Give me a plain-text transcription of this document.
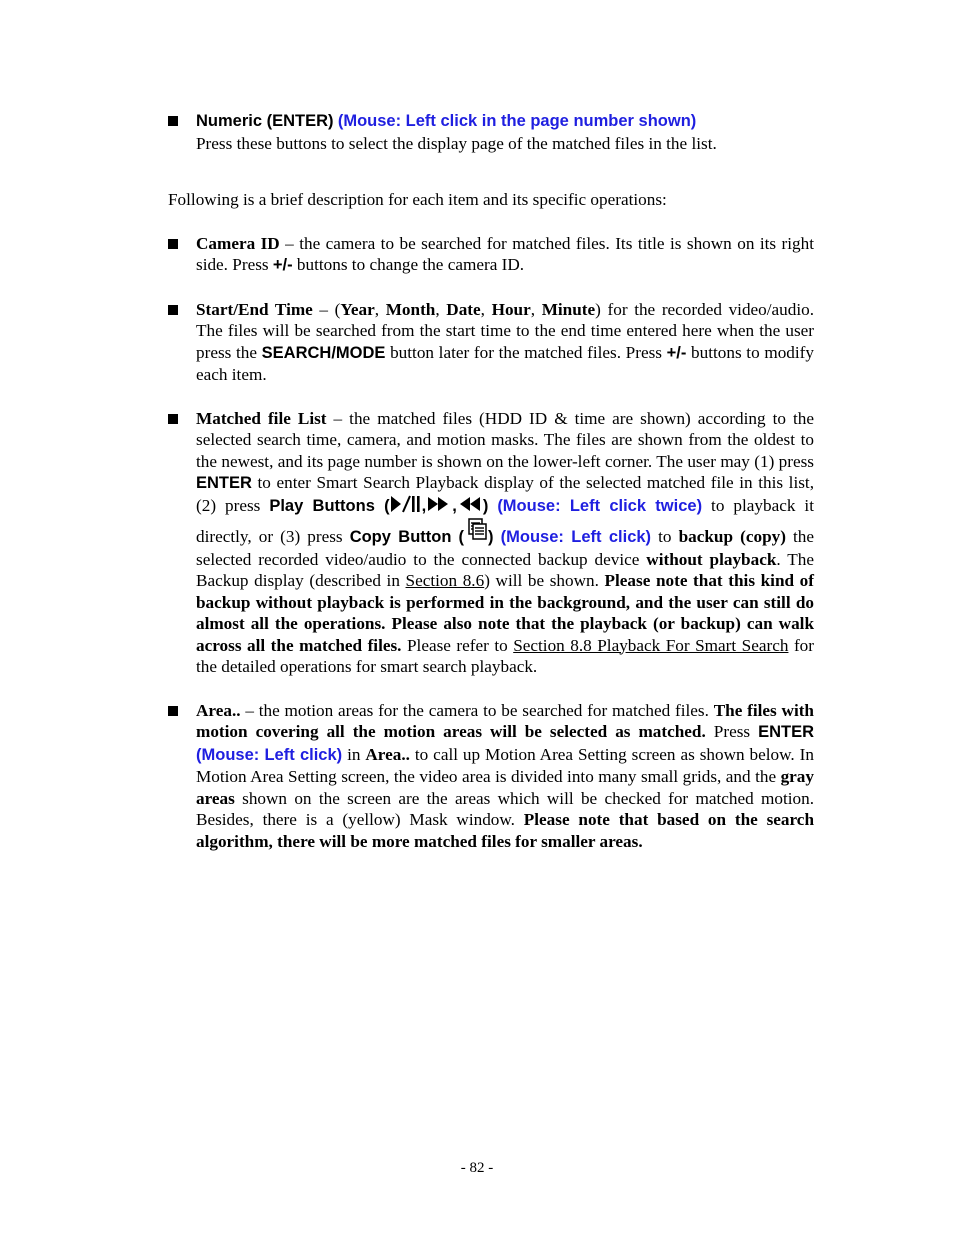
Numeric (ENTER) (Mouse: Left click in the page number shown)
Press these buttons to select the display page of the matched files in the list.

Following is a brief description for each item and its specific operations:

Camera ID – the camera to be searched for matched files. Its title is shown on its right side. Press +/- buttons to change the camera ID.
Start/End Time – (Year, Month, Date, Hour, Minute) for the recorded video/audio. The files will be searched from the start time to the end time entered here when the user press the SEARCH/MODE button later for the matched files. Press +/- buttons to modify each item.
Matched file List – the matched files (HDD ID & time are shown) according to the selected search time, camera, and motion masks. The files are shown from the oldest to the newest, and its page number is shown on the lower-left corner. The user may (1) press ENTER to enter Smart Search Playback display of the selected matched file in this list, (2) press Play Buttons ( , , ) (Mouse: Left click twice) to playback it directly, or (3) press Copy Button ( ) (Mouse: Left click) to backup (copy) the selected recorded video/audio to the connected backup device without playback. The Backup display (described in Section 8.6) will be shown. Please note that this kind of backup without playback is performed in the background, and the user can still do almost all the operations. Please also note that the playback (or backup) can walk across all the matched files. Please refer to Section 8.8 Playback For Smart Search for the detailed operations for smart search playback.
Area.. – the motion areas for the camera to be searched for matched files. The files with motion covering all the motion areas will be selected as matched. Press ENTER (Mouse: Left click) in Area.. to call up Motion Area Setting screen as shown below. In Motion Area Setting screen, the video area is divided into many small grids, and the gray areas shown on the screen are the areas which will be checked for matched motion. Besides, there is a (yellow) Mask window. Please note that based on the search algorithm, there will be more matched files for smaller areas.
- 82 -
